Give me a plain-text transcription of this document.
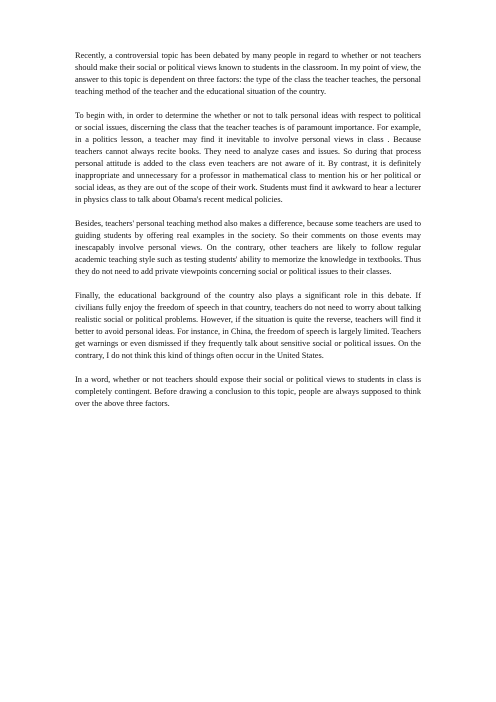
Recently, a controversial topic has been debated by many people in regard to whether or not teachers should make their social or political views known to students in the classroom. In my point of view, the answer to this topic is dependent on three factors: the type of the class the teacher teaches, the personal teaching method of the teacher and the educational situation of the country.

To begin with, in order to determine the whether or not to talk personal ideas with respect to political or social issues, discerning the class that the teacher teaches is of paramount importance. For example, in a politics lesson, a teacher may find it inevitable to involve personal views in class . Because teachers cannot always recite books. They need to analyze cases and issues. So during that process personal attitude is added to the class even teachers are not aware of it. By contrast, it is definitely inappropriate and unnecessary for a professor in mathematical class to mention his or her political or social ideas, as they are out of the scope of their work. Students must find it awkward to hear a lecturer in physics class to talk about Obama's recent medical policies.

Besides, teachers' personal teaching method also makes a difference, because some teachers are used to guiding students by offering real examples in the society. So their comments on those events may inescapably involve personal views. On the contrary, other teachers are likely to follow regular academic teaching style such as testing students' ability to memorize the knowledge in textbooks. Thus they do not need to add private viewpoints concerning social or political issues to their classes.

Finally, the educational background of the country also plays a significant role in this debate. If civilians fully enjoy the freedom of speech in that country, teachers do not need to worry about talking realistic social or political problems. However, if the situation is quite the reverse, teachers will find it better to avoid personal ideas. For instance, in China, the freedom of speech is largely limited. Teachers get warnings or even dismissed if they frequently talk about sensitive social or political issues. On the contrary, I do not think this kind of things often occur in the United States.

In a word, whether or not teachers should expose their social or political views to students in class is completely contingent. Before drawing a conclusion to this topic, people are always supposed to think over the above three factors.
